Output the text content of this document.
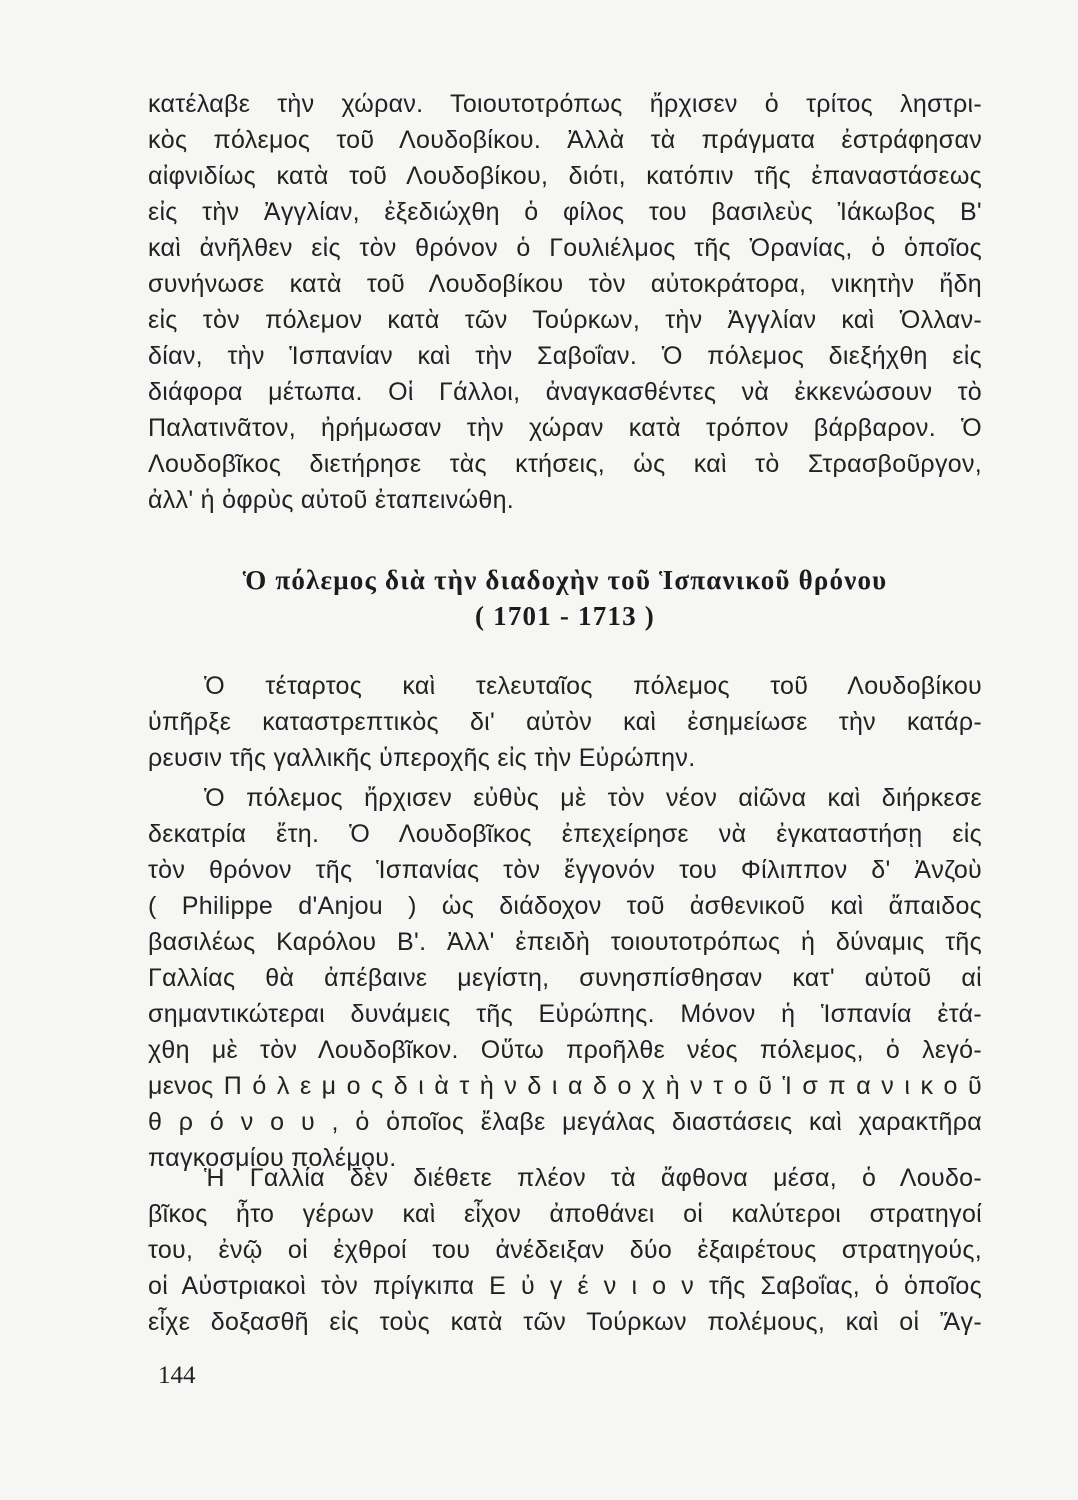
κατέλαβε τὴν χώραν. Τοιουτοτρόπως ἤρχισεν ὁ τρίτος ληστρι-
κὸς πόλεμος τοῦ Λουδοβίκου. Ἀλλὰ τὰ πράγματα ἐστράφησαν
αἰφνιδίως κατὰ τοῦ Λουδοβίκου, διότι, κατόπιν τῆς ἐπαναστάσεως
εἰς τὴν Ἀγγλίαν, ἐξεδιώχθη ὁ φίλος του βασιλεὺς Ἰάκωβος Β'
καὶ ἀνῆλθεν εἰς τὸν θρόνον ὁ Γουλιέλμος τῆς Ὀρανίας, ὁ ὁποῖος
συνήνωσε κατὰ τοῦ Λουδοβίκου τὸν αὐτοκράτορα, νικητὴν ἤδη
εἰς τὸν πόλεμον κατὰ τῶν Τούρκων, τὴν Ἀγγλίαν καὶ Ὁλλαν-
δίαν, τὴν Ἱσπανίαν καὶ τὴν Σαβοΐαν. Ὁ πόλεμος διεξήχθη εἰς
διάφορα μέτωπα. Οἱ Γάλλοι, ἀναγκασθέντες νὰ ἐκκενώσουν τὸ
Παλατινᾶτον, ἠρήμωσαν τὴν χώραν κατὰ τρόπον βάρβαρον. Ὁ
Λουδοβῖκος διετήρησε τὰς κτήσεις, ὡς καὶ τὸ Στρασβοῦργον,
ἀλλ' ἡ ὀφρὺς αὐτοῦ ἐταπεινώθη.
Ὁ πόλεμος διὰ τὴν διαδοχὴν τοῦ Ἱσπανικοῦ θρόνου
( 1701 - 1713 )
Ὁ τέταρτος καὶ τελευταῖος πόλεμος τοῦ Λουδοβίκου
ὑπῆρξε καταστρεπτικὸς δι' αὐτὸν καὶ ἐσημείωσε τὴν κατάρ-
ρευσιν τῆς γαλλικῆς ὑπεροχῆς εἰς τὴν Εὐρώπην.
Ὁ πόλεμος ἤρχισεν εὐθὺς μὲ τὸν νέον αἰῶνα καὶ διήρκεσε
δεκατρία ἔτη. Ὁ Λουδοβῖκος ἐπεχείρησε νὰ ἐγκαταστήσῃ εἰς
τὸν θρόνον τῆς Ἱσπανίας τὸν ἔγγονόν του Φίλιππον δ' Ἀνζοὺ
( Philippe d'Anjou ) ὡς διάδοχον τοῦ ἀσθενικοῦ καὶ ἄπαιδος
βασιλέως Καρόλου Β'. Ἀλλ' ἐπειδὴ τοιουτοτρόπως ἡ δύναμις τῆς
Γαλλίας θὰ ἀπέβαινε μεγίστη, συνησπίσθησαν κατ' αὐτοῦ αἱ
σημαντικώτεραι δυνάμεις τῆς Εὐρώπης. Μόνον ἡ Ἱσπανία ἐτά-
χθη μὲ τὸν Λουδοβῖκον. Οὕτω προῆλθε νέος πόλεμος, ὁ λεγό-
μενος Π ό λ ε μ ο ς δ ι ὰ τ ὴ ν δ ι α δ ο χ ὴ ν τ ο ῦ Ἱ σ π α ν ι κ ο ῦ
θ ρ ό ν ο υ , ὁ ὁποῖος ἔλαβε μεγάλας διαστάσεις καὶ χαρακτῆρα
παγκοσμίου πολέμου.
Ἡ Γαλλία δὲν διέθετε πλέον τὰ ἄφθονα μέσα, ὁ Λουδο-
βῖκος ἦτο γέρων καὶ εἶχον ἀποθάνει οἱ καλύτεροι στρατηγοί
του, ἐνῷ οἱ ἐχθροί του ἀνέδειξαν δύο ἐξαιρέτους στρατηγούς,
οἱ Αὐστριακοὶ τὸν πρίγκιπα Ε ὐ γ έ ν ι ο ν τῆς Σαβοΐας, ὁ ὁποῖος
εἶχε δοξασθῆ εἰς τοὺς κατὰ τῶν Τούρκων πολέμους, καὶ οἱ Ἄγ-
144
